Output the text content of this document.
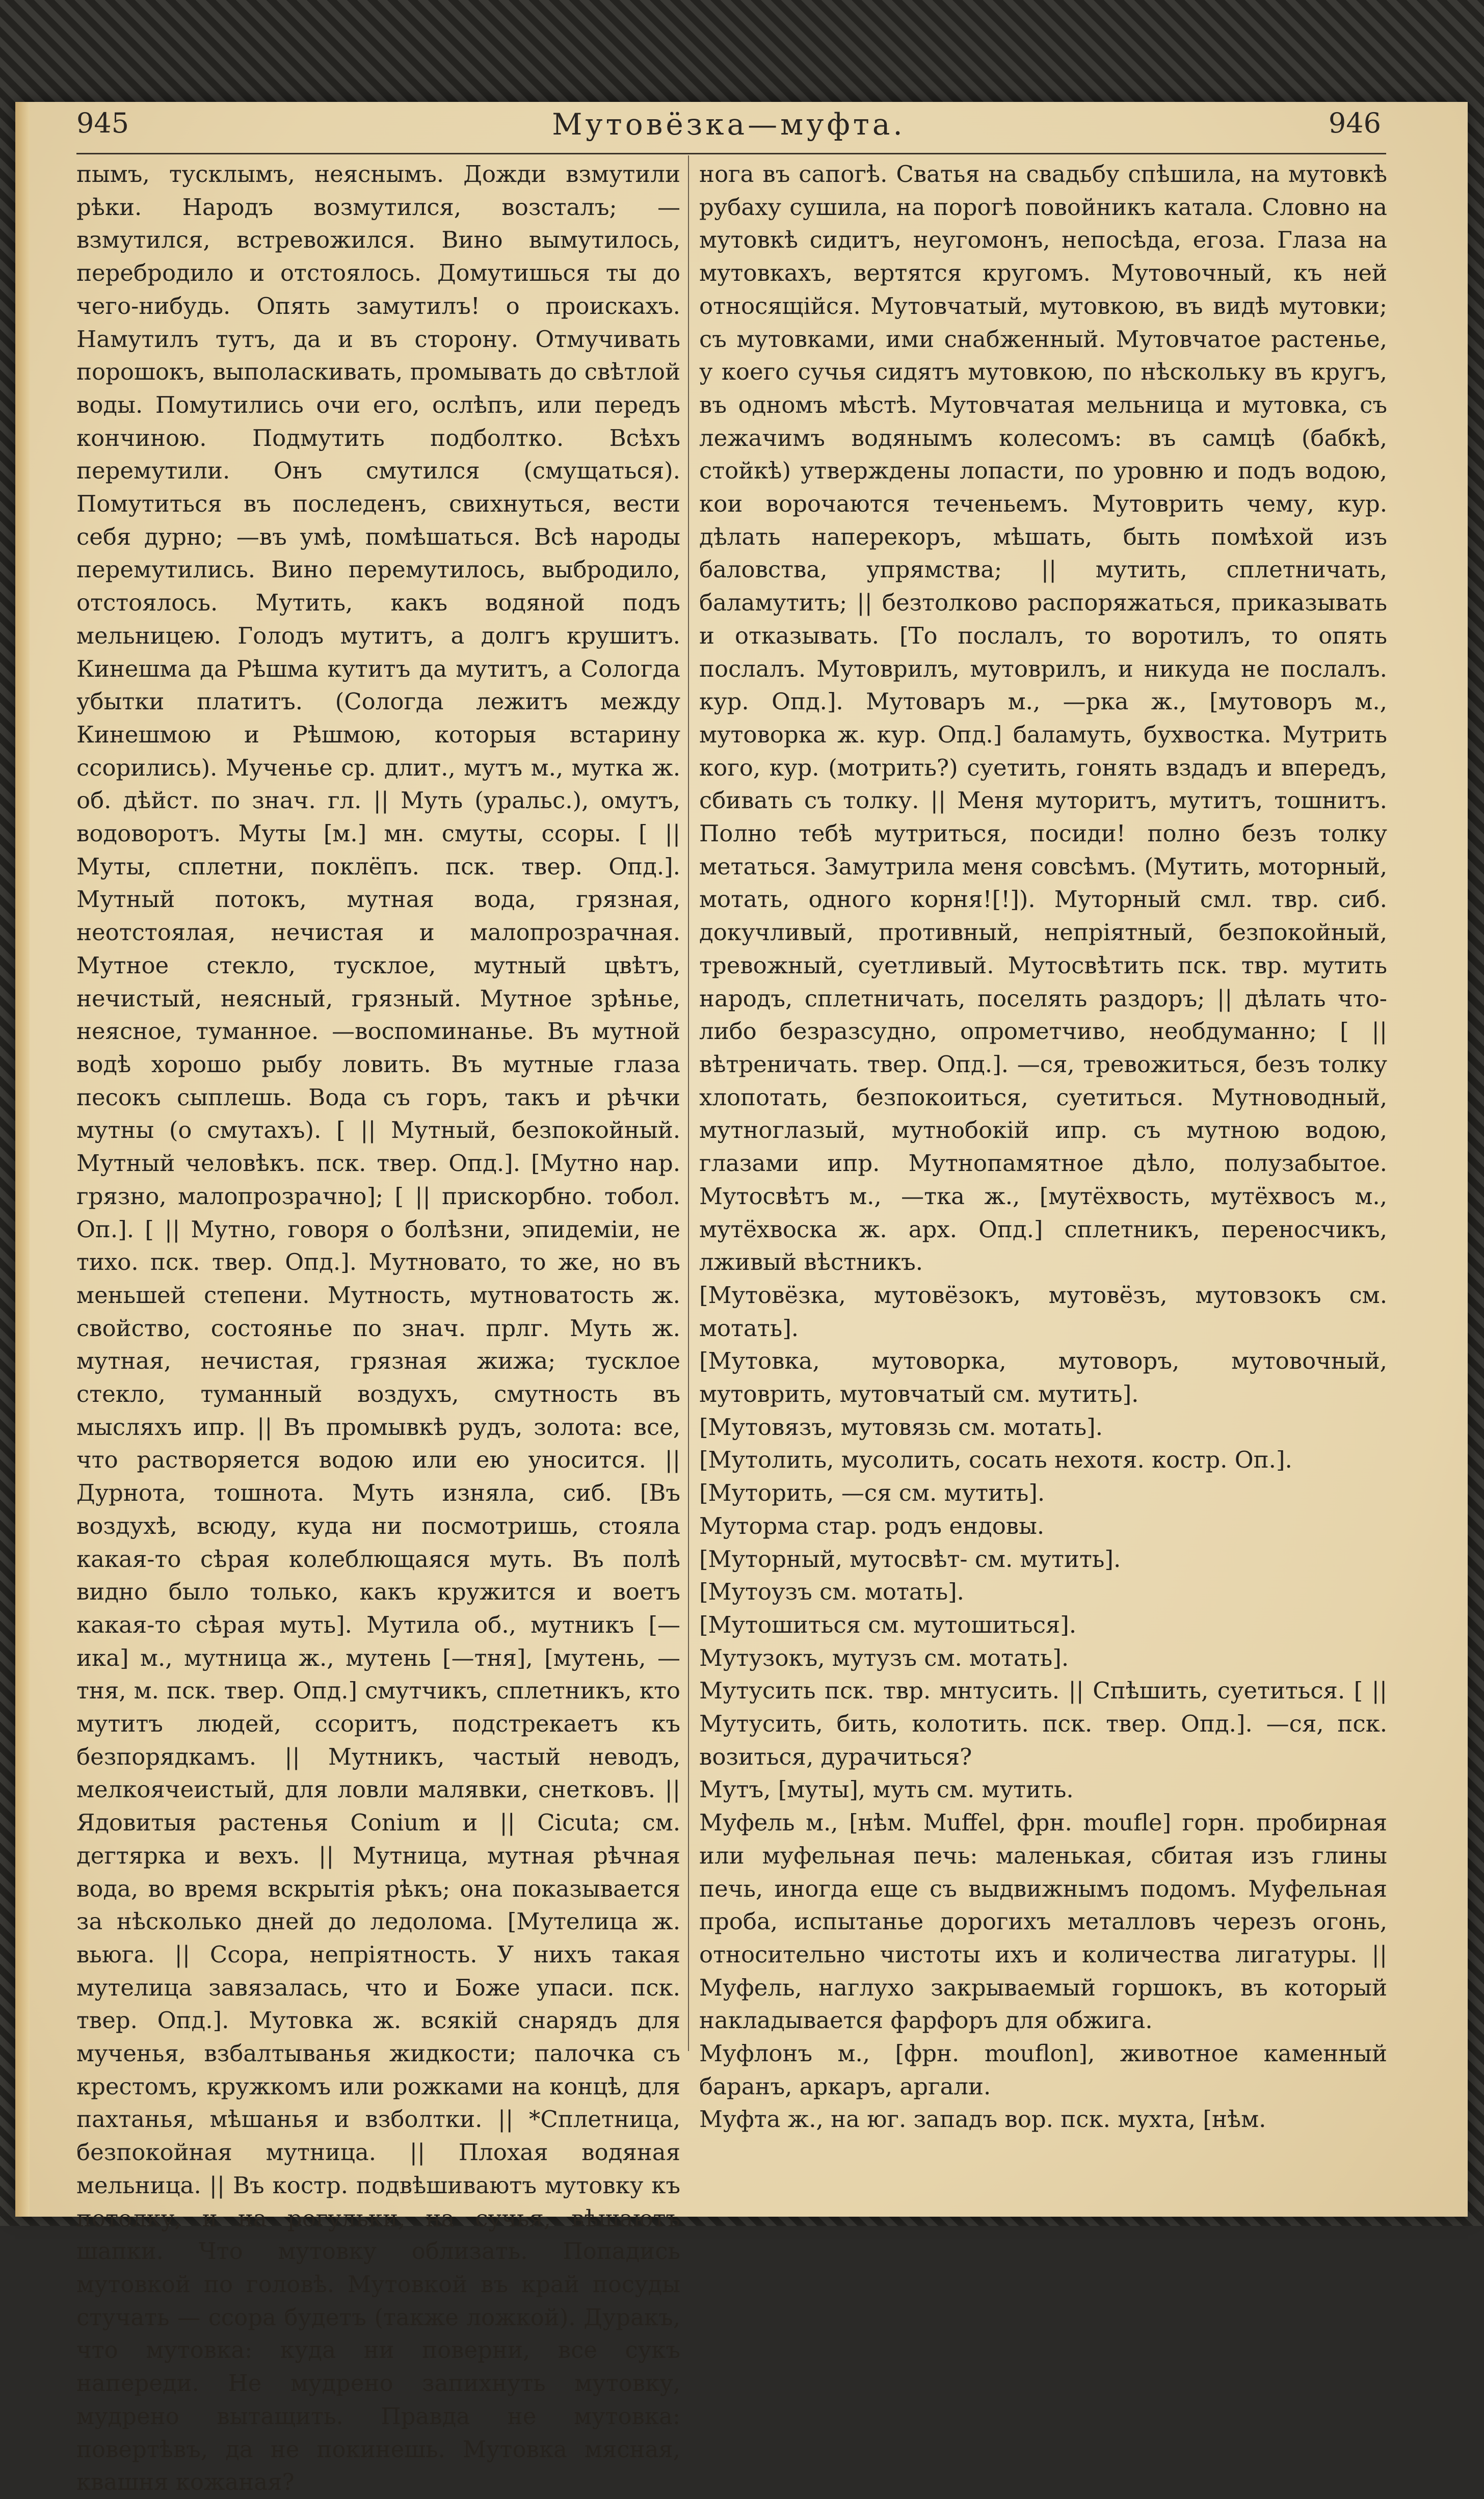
945	Мутовёзка—муфта.	946

пымъ, тусклымъ, неяснымъ. Дожди взмутили рѣки. Народъ возмутился, возсталъ; —взмутился, встревожился. Вино вымутилось, перебродило и отстоялось. Домутишься ты до чего-нибудь. Опять замутилъ! о проискахъ. Намутилъ тутъ, да и въ сторону. Отмучивать порошокъ, выполаскивать, промывать до свѣтлой воды. Помутились очи его, ослѣпъ, или передъ кончиною. Подмутить подболтко. Всѣхъ перемутили. Онъ смутился (смущаться). Помутиться въ последенъ, свихнуться, вести себя дурно; —въ умѣ, помѣшаться. Всѣ народы перемутились. Вино перемутилось, выбродило, отстоялось. Мутить, какъ водяной подъ мельницею. Голодъ мутитъ, а долгъ крушитъ. Кинешма да Рѣшма кутитъ да мутитъ, а Сологда убытки платитъ. (Сологда лежитъ между Кинешмою и Рѣшмою, которыя встарину ссорились). Мученье ср. длит., мутъ м., мутка ж. об. дѣйст. по знач. гл. || Муть (уральс.), омутъ, водоворотъ. Муты [м.] мн. смуты, ссоры. [ || Муты, сплетни, поклёпъ. пск. твер. Опд.]. Мутный потокъ, мутная вода, грязная, неотстоялая, нечистая и малопрозрачная. Мутное стекло, тусклое, мутный цвѣтъ, нечистый, неясный, грязный. Мутное зрѣнье, неясное, туманное. —воспоминанье. Въ мутной водѣ хорошо рыбу ловить. Въ мутные глаза песокъ сыплешь. Вода съ горъ, такъ и рѣчки мутны (о смутахъ). [ || Мутный, безпокойный. Мутный человѣкъ. пск. твер. Опд.]. [Мутно нар. грязно, малопрозрачно]; [ || прискорбно. тобол. Оп.]. [ || Мутно, говоря о болѣзни, эпидеміи, не тихо. пск. твер. Опд.]. Мутновато, то же, но въ меньшей степени. Мутность, мутноватость ж. свойство, состоянье по знач. прлг. Муть ж. мутная, нечистая, грязная жижа; тусклое стекло, туманный воздухъ, смутность въ мысляхъ ипр. || Въ промывкѣ рудъ, золота: все, что растворяется водою или ею уносится. || Дурнота, тошнота. Муть изняла, сиб. [Въ воздухѣ, всюду, куда ни посмотришь, стояла какая-то сѣрая колеблющаяся муть. Въ полѣ видно было только, какъ кружится и воетъ какая-то сѣрая муть]. Мутила об., мутникъ [—ика] м., мутница ж., мутень [—тня], [мутень, —тня, м. пск. твер. Опд.] смутчикъ, сплетникъ, кто мутитъ людей, ссоритъ, подстрекаетъ къ безпорядкамъ. || Мутникъ, частый неводъ, мелкоячеистый, для ловли малявки, снетковъ. || Ядовитыя растенья Conium и || Cicuta; см. дегтярка и вехъ. || Мутница, мутная рѣчная вода, во время вскрытія рѣкъ; она показывается за нѣсколько дней до ледолома. [Мутелица ж. вьюга. || Ссора, непріятность. У нихъ такая мутелица завязалась, что и Боже упаси. пск. твер. Опд.]. Мутовка ж. всякій снарядъ для мученья, взбалтыванья жидкости; палочка съ крестомъ, кружкомъ или рожками на концѣ, для пахтанья, мѣшанья и взболтки. || *Сплетница, безпокойная мутница. || Плохая водяная мельница. || Въ костр. подвѣшиваютъ мутовку къ потолку, и на рогульки, на сучья, вѣшаютъ шапки. Что мутовку облизать. Попадись мутовкой по головѣ. Мутовкой въ край посуды стучать — ссора будетъ (также ложкой). Дуракъ, что мутовка: куда ни поверни, все сукъ напереди. Не мудрено запихнуть мутовку, мудрено вытащить. Правда не мутовка: повертѣвъ, да не покинешь. Мутовка мясная, квашня кожаная?

нога въ сапогѣ. Сватья на свадьбу спѣшила, на мутовкѣ рубаху сушила, на порогѣ повойникъ катала. Словно на мутовкѣ сидитъ, неугомонъ, непосѣда, егоза. Глаза на мутовкахъ, вертятся кругомъ. Мутовочный, къ ней относящійся. Мутовчатый, мутовкою, въ видѣ мутовки; съ мутовками, ими снабженный. Мутовчатое растенье, у коего сучья сидятъ мутовкою, по нѣскольку въ кругъ, въ одномъ мѣстѣ. Мутовчатая мельница и мутовка, съ лежачимъ водянымъ колесомъ: въ самцѣ (бабкѣ, стойкѣ) утверждены лопасти, по уровню и подъ водою, кои ворочаются теченьемъ. Мутоврить чему, кур. дѣлать наперекоръ, мѣшать, быть помѣхой изъ баловства, упрямства; || мутить, сплетничать, баламутить; || безтолково распоряжаться, приказывать и отказывать. [То послалъ, то воротилъ, то опять послалъ. Мутоврилъ, мутоврилъ, и никуда не послалъ. кур. Опд.]. Мутоваръ м., —рка ж., [мутоворъ м., мутоворка ж. кур. Опд.] баламуть, бухвостка. Мутрить кого, кур. (мотрить?) суетить, гонять вздадъ и впередъ, сбивать съ толку. || Меня муторитъ, мутитъ, тошнитъ. Полно тебѣ мутриться, посиди! полно безъ толку метаться. Замутрила меня совсѣмъ. (Мутить, моторный, мотать, одного корня![!]). Муторный смл. твр. сиб. докучливый, противный, непріятный, безпокойный, тревожный, суетливый. Мутосвѣтить пск. твр. мутить народъ, сплетничать, поселять раздоръ; || дѣлать что-либо безразсудно, опрометчиво, необдуманно; [ || вѣтреничать. твер. Опд.]. —ся, тревожиться, безъ толку хлопотать, безпокоиться, суетиться. Мутноводный, мутноглазый, мутнобокій ипр. съ мутною водою, глазами ипр. Мутнопамятное дѣло, полузабытое. Мутосвѣтъ м., —тка ж., [мутёхвость, мутёхвосъ м., мутёхвоска ж. арх. Опд.] сплетникъ, переносчикъ, лживый вѣстникъ.

[Мутовёзка, мутовёзокъ, мутовёзъ, мутовзокъ см. мотать].

[Мутовка, мутоворка, мутоворъ, мутовочный, мутоврить, мутовчатый см. мутить].

[Мутовязъ, мутовязь см. мотать].

[Мутолить, мусолить, сосать нехотя. костр. Оп.].

[Муторить, —ся см. мутить].

Муторма стар. родъ ендовы.

[Муторный, мутосвѣт- см. мутить].

[Мутоузъ см. мотать].

[Мутошиться см. мутошиться].

Мутузокъ, мутузъ см. мотать].

Мутусить пск. твр. мнтусить. || Спѣшить, суетиться. [ || Мутусить, бить, колотить. пск. твер. Опд.]. —ся, пск. возиться, дурачиться?

Мутъ, [муты], муть см. мутить.

Муфель м., [нѣм. Muffel, фрн. moufle] горн. пробирная или муфельная печь: маленькая, сбитая изъ глины печь, иногда еще съ выдвижнымъ подомъ. Муфельная проба, испытанье дорогихъ металловъ черезъ огонь, относительно чистоты ихъ и количества лигатуры. || Муфель, наглухо закрываемый горшокъ, въ который накладывается фарфоръ для обжига.

Муфлонъ м., [фрн. mouflon], животное каменный баранъ, аркаръ, аргали.

Муфта ж., на юг. западъ вор. пск. мухта, [нѣм.
